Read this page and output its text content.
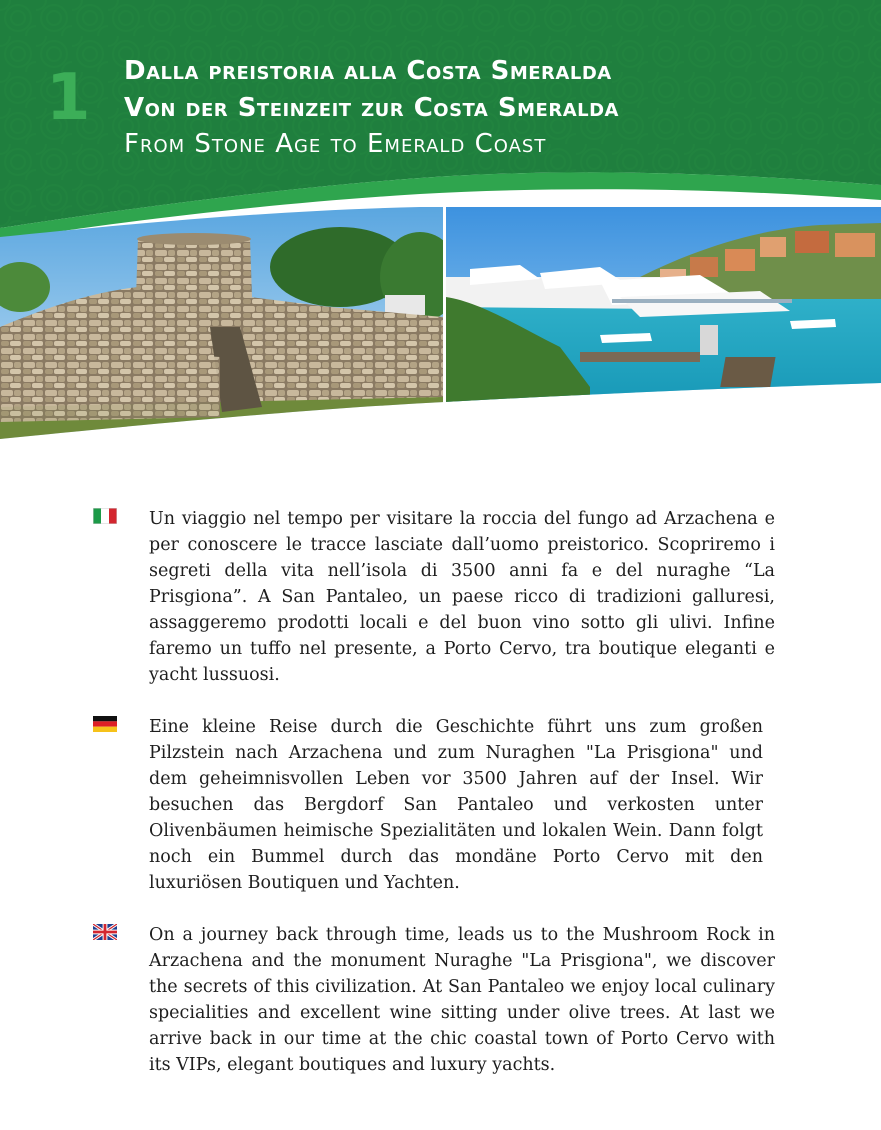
1 Dalla preistoria alla Costa Smeralda
Von der Steinzeit zur Costa Smeralda
From Stone Age to Emerald Coast

Un viaggio nel tempo per visitare la roccia del fungo ad Arzachena e per conoscere le tracce lasciate dall’uomo preistorico. Scopriremo i segreti della vita nell’isola di 3500 anni fa e del nuraghe “La Prisgiona”. A San Pantaleo, un paese ricco di tradizioni galluresi, assaggeremo prodotti locali e del buon vino sotto gli ulivi. Infine faremo un tuffo nel presente, a Porto Cervo, tra boutique eleganti e yacht lussuosi.

Eine kleine Reise durch die Geschichte führt uns zum großen Pilzstein nach Arzachena und zum Nuraghen "La Prisgiona" und dem geheimnisvollen Leben vor 3500 Jahren auf der Insel. Wir besuchen das Bergdorf San Pantaleo und verkosten unter Olivenbäumen heimische Spezialitäten und lokalen Wein. Dann folgt noch ein Bummel durch das mondäne Porto Cervo mit den luxuriösen Boutiquen und Yachten.

On a journey back through time, leads us to the Mushroom Rock in Arzachena and the monument Nuraghe "La Prisgiona", we discover the secrets of this civilization. At San Pantaleo we enjoy local culinary specialities and excellent wine sitting under olive trees. At last we arrive back in our time at the chic coastal town of Porto Cervo with its VIPs, elegant boutiques and luxury yachts.
